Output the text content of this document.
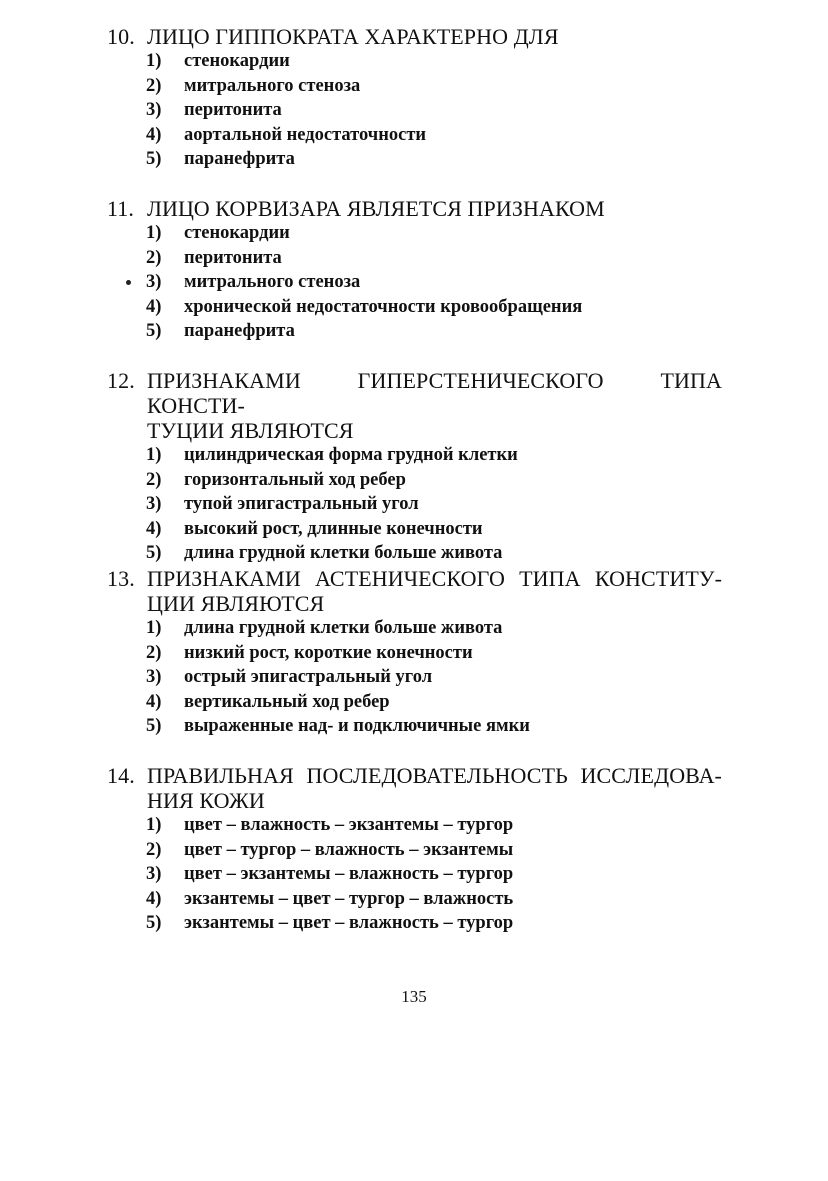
10. ЛИЦО ГИППОКРАТА ХАРАКТЕРНО ДЛЯ
1)	стенокардии
2)	митрального стеноза
3)	перитонита
4)	аортальной недостаточности
5)	паранефрита
11. ЛИЦО КОРВИЗАРА ЯВЛЯЕТСЯ ПРИЗНАКОМ
1)	стенокардии
2)	перитонита
3)	митрального стеноза
4)	хронической недостаточности кровообращения
5)	паранефрита
12. ПРИЗНАКАМИ ГИПЕРСТЕНИЧЕСКОГО ТИПА КОНСТИ-
ТУЦИИ ЯВЛЯЮТСЯ
1)	цилиндрическая форма грудной клетки
2)	горизонтальный ход ребер
3)	тупой эпигастральный угол
4)	высокий рост, длинные конечности
5)	длина грудной клетки больше живота
13. ПРИЗНАКАМИ АСТЕНИЧЕСКОГО ТИПА КОНСТИТУ-
ЦИИ ЯВЛЯЮТСЯ
1)	длина грудной клетки больше живота
2)	низкий рост, короткие конечности
3)	острый эпигастральный угол
4)	вертикальный ход ребер
5)	выраженные над- и подключичные ямки
14. ПРАВИЛЬНАЯ ПОСЛЕДОВАТЕЛЬНОСТЬ ИССЛЕДОВА-
НИЯ КОЖИ
1)	цвет – влажность – экзантемы – тургор
2)	цвет – тургор – влажность – экзантемы
3)	цвет – экзантемы – влажность – тургор
4)	экзантемы – цвет – тургор – влажность
5)	экзантемы – цвет – влажность – тургор
135
